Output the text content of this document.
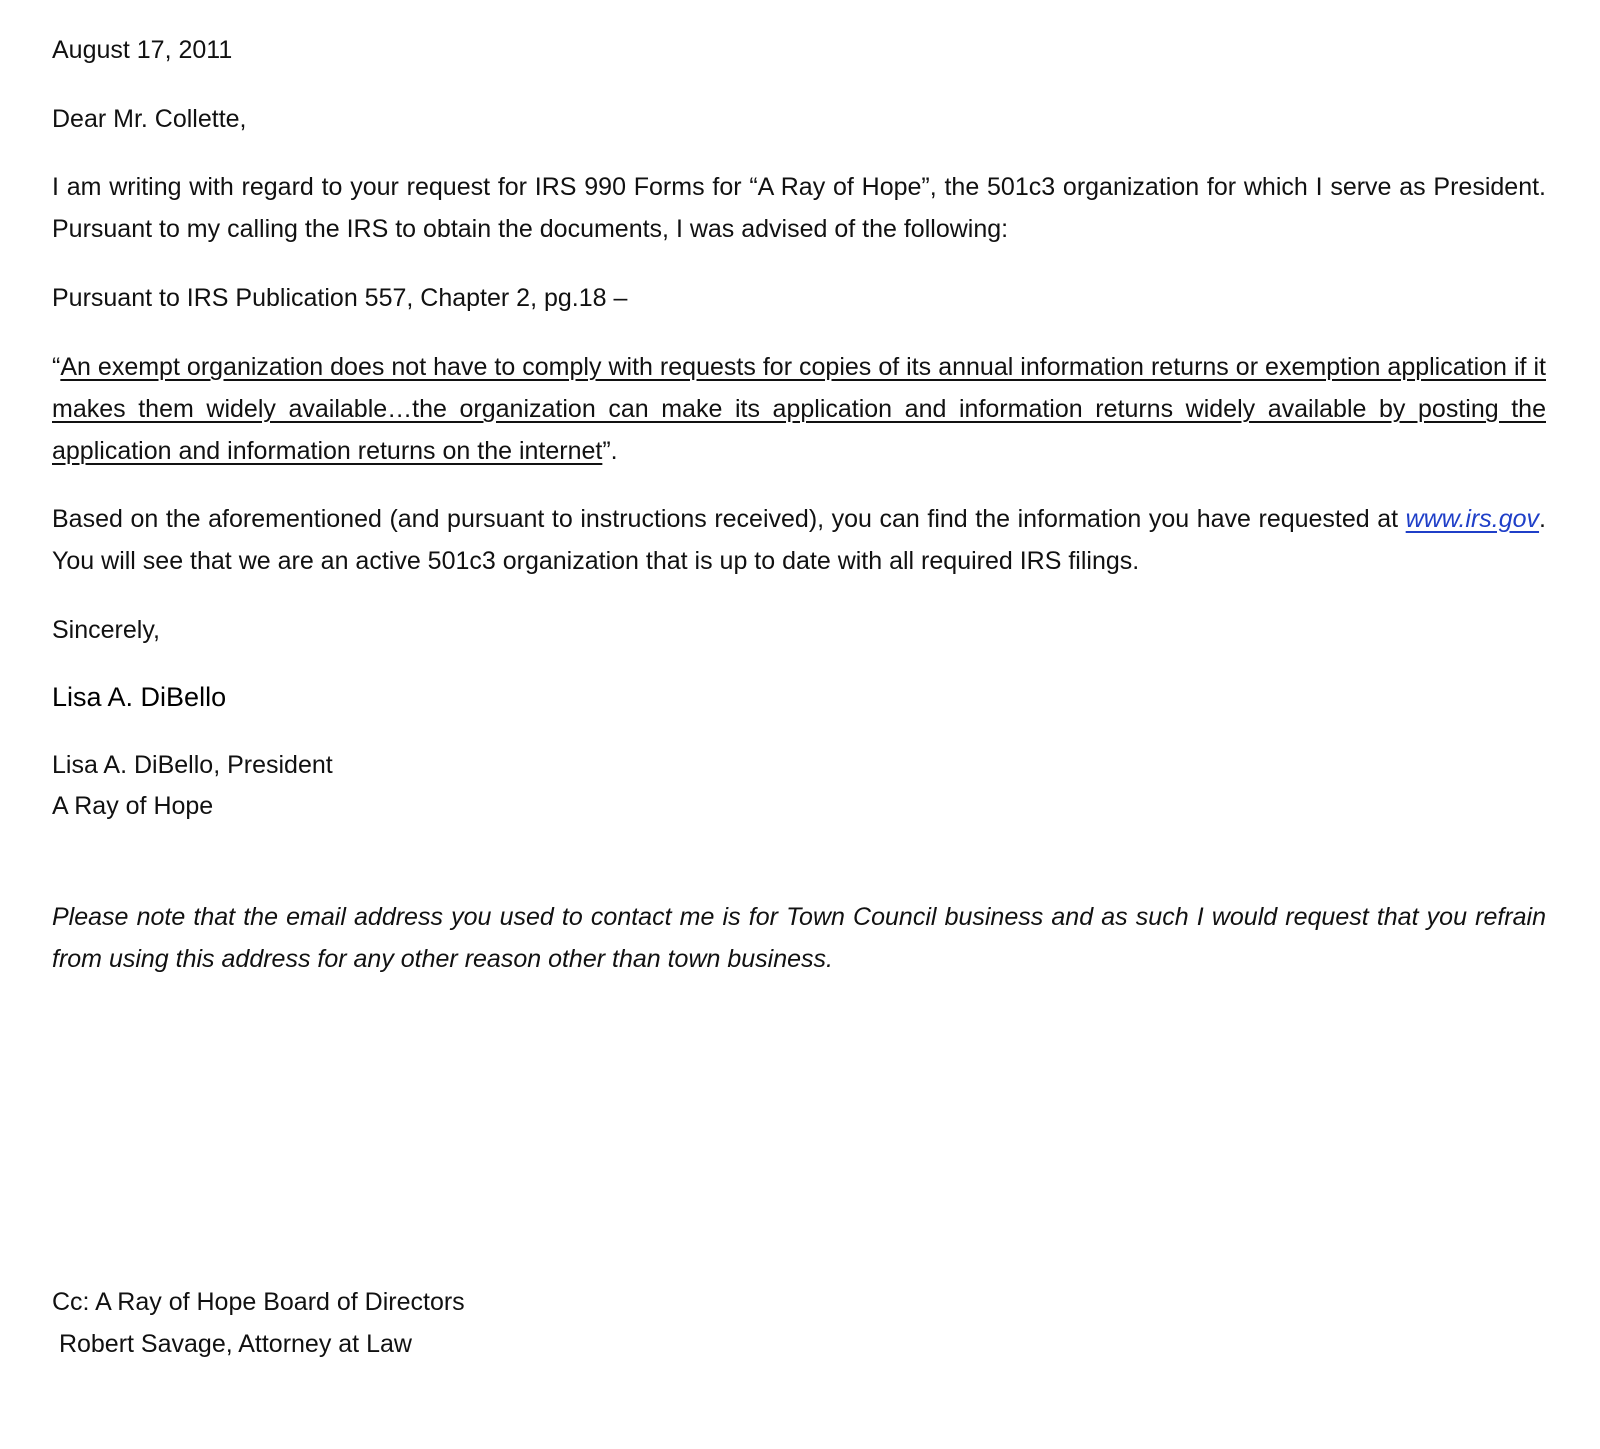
August 17, 2011

Dear Mr. Collette,

I am writing with regard to your request for IRS 990 Forms for “A Ray of Hope”, the 501c3 organization for which I serve as President. Pursuant to my calling the IRS to obtain the documents, I was advised of the following:

Pursuant to IRS Publication 557, Chapter 2, pg.18 –

“An exempt organization does not have to comply with requests for copies of its annual information returns or exemption application if it makes them widely available…the organization can make its application and information returns widely available by posting the application and information returns on the internet”.

Based on the aforementioned (and pursuant to instructions received), you can find the information you have requested at www.irs.gov. You will see that we are an active 501c3 organization that is up to date with all required IRS filings.

Sincerely,

Lisa A. DiBello

Lisa A. DiBello, President

A Ray of Hope

Please note that the email address you used to contact me is for Town Council business and as such I would request that you refrain from using this address for any other reason other than town business.

Cc: A Ray of Hope Board of Directors

Robert Savage, Attorney at Law
